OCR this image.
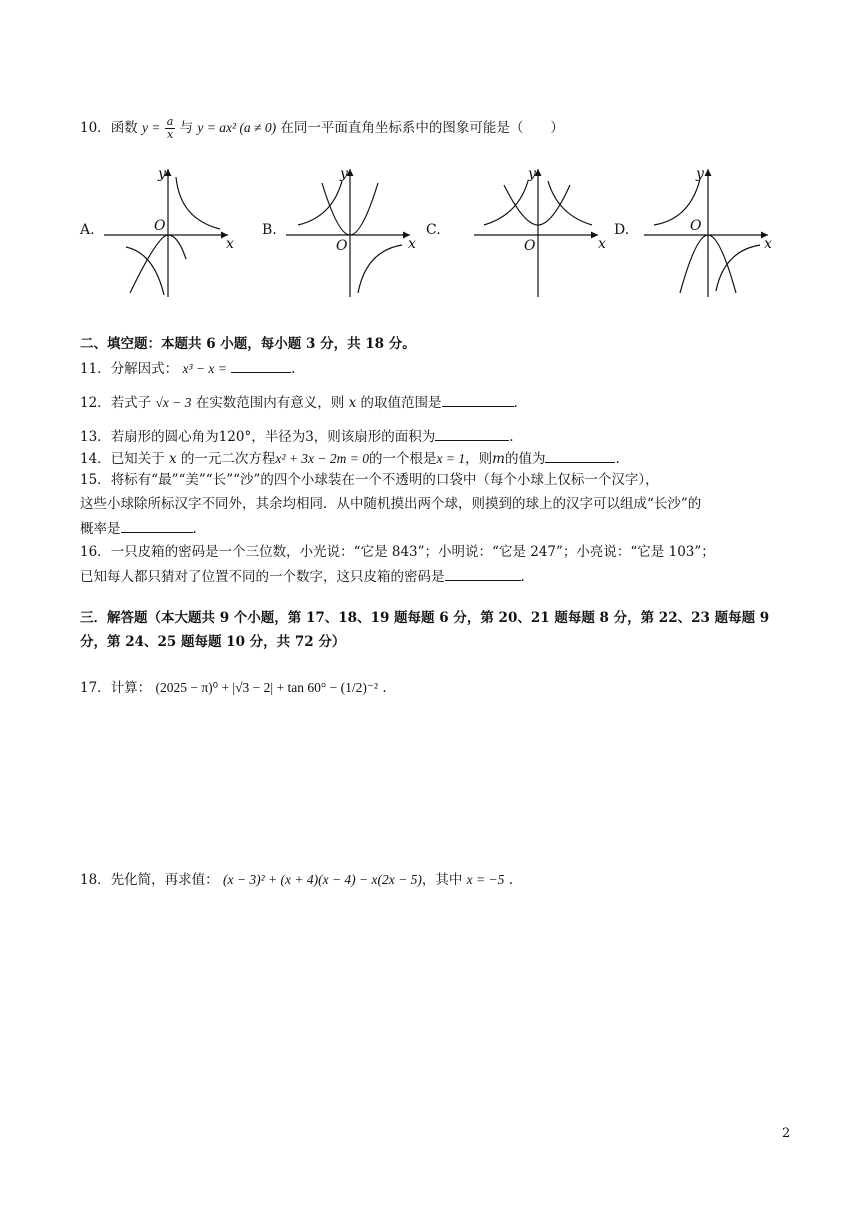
10．函数 $y = \frac{a}{x}$ 与 y = ax² (a ≠ 0) 在同一平面直角坐标系中的图象可能是（　　）
A.	O
x
y
B.
O	x
y
C.
O	x
y
D.	O
x
y
二、填空题：本题共 6 小题，每小题 3 分，共 18 分。
11．分解因式： x³ − x =	.
12．若式子 √x − 3 在实数范围内有意义，则 x 的取值范围是	.
13．若扇形的圆心角为120°，半径为3，则该扇形的面积为	.
14．已知关于 x 的一元二次方程x² + 3x − 2m = 0的一个根是x = 1，则m的值为	.
15．将标有“最”“美”“长”“沙”的四个小球装在一个不透明的口袋中（每个小球上仅标一个汉字），
这些小球除所标汉字不同外，其余均相同．从中随机摸出两个球，则摸到的球上的汉字可以组成“长沙”的
概率是	.
16．一只皮箱的密码是一个三位数，小光说：“它是 843”；小明说：“它是 247”；小亮说：“它是 103”；
已知每人都只猜对了位置不同的一个数字，这只皮箱的密码是	.
三．解答题（本大题共 9 个小题，第 17、18、19 题每题 6 分，第 20、21 题每题 8 分，第 22、23 题每题 9
分，第 24、25 题每题 10 分，共 72 分）
17．计算： (2025 − π)⁰ + |√3 − 2| + tan 60° − (1/2)⁻² .
18．先化简，再求值： (x − 3)² + (x + 4)(x − 4) − x(2x − 5)，其中 x = −5 .
2
